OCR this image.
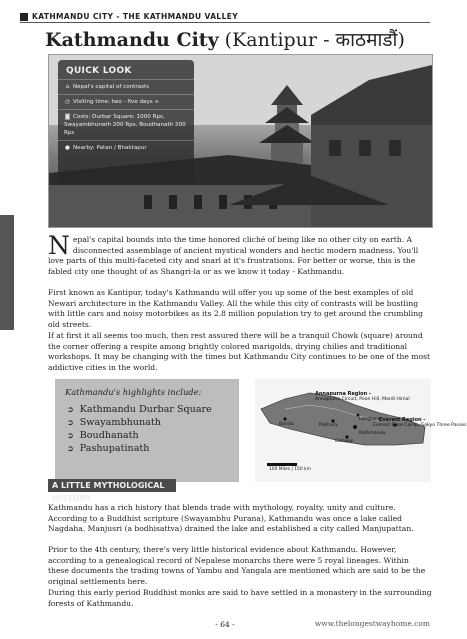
KATHMANDU CITY - THE KATHMANDU VALLEY
Kathmandu City (Kantipur - काठमाडौं)
QUICK LOOK
⌂ Nepal's capital of contrasts
◷ Visiting time: two - five days +
◙ Costs: Durbar Square: 1000 Rps, Swayambhunath 200 Rps, Boudhanath 200 Rps
● Nearby: Patan / Bhaktapur

Nepal's capital bounds into the time honored cliché of being like no other city on earth. A disconnected assemblage of ancient mystical wonders and hectic modern madness. You'll love parts of this multi-faceted city and snarl at it's frustrations. For better or worse, this is the fabled city one thought of as Shangri-la or as we know it today - Kathmandu.

First known as Kantipur, today's Kathmandu will offer you up some of the best examples of old Newari architecture in the Kathmandu Valley. All the while this city of contrasts will be bustling with little cars and noisy motorbikes as its 2.8 million population try to get around the crumbling old streets.

If at first it all seems too much, then rest assured there will be a tranquil Chowk (square) around the corner offering a respite among brightly colored marigolds, drying chilies and traditional workshops. It may be changing with the times but Kathmandu City continues to be one of the most addictive cities in the world.

Kathmandu's highlights include:
➲ Kathmandu Durbar Square
➲ Swayambhunath
➲ Boudhanath
➲ Pashupatinath
Annapurna Region -
Annapurna Circuit, Poon Hill, Mardi Himal
Bardia	Pokhara
Langtang
Everest Region -
Everest Base Camp, Gokyo Three Passes
Chitwan
Kathmandu
100 Miles | 150 km
A LITTLE MYTHOLOGICAL HISTORY

Kathmandu has a rich history that blends trade with mythology, royalty, unity and culture. According to a Buddhist scripture (Swayambhu Purana), Kathmandu was once a lake called Nagdaha. Manjusri (a bodhisattva) drained the lake and established a city called Manjupattan.

Prior to the 4th century, there's very little historical evidence about Kathmandu. However, according to a genealogical record of Nepalese monarchs there were 5 royal lineages. Within these documents the trading towns of Yambu and Yangala are mentioned which are said to be the original settlements here.

During this early period Buddhist monks are said to have settled in a monastery in the surrounding forests of Kathmandu.

- 64 -	www.thelongestwayhome.com
